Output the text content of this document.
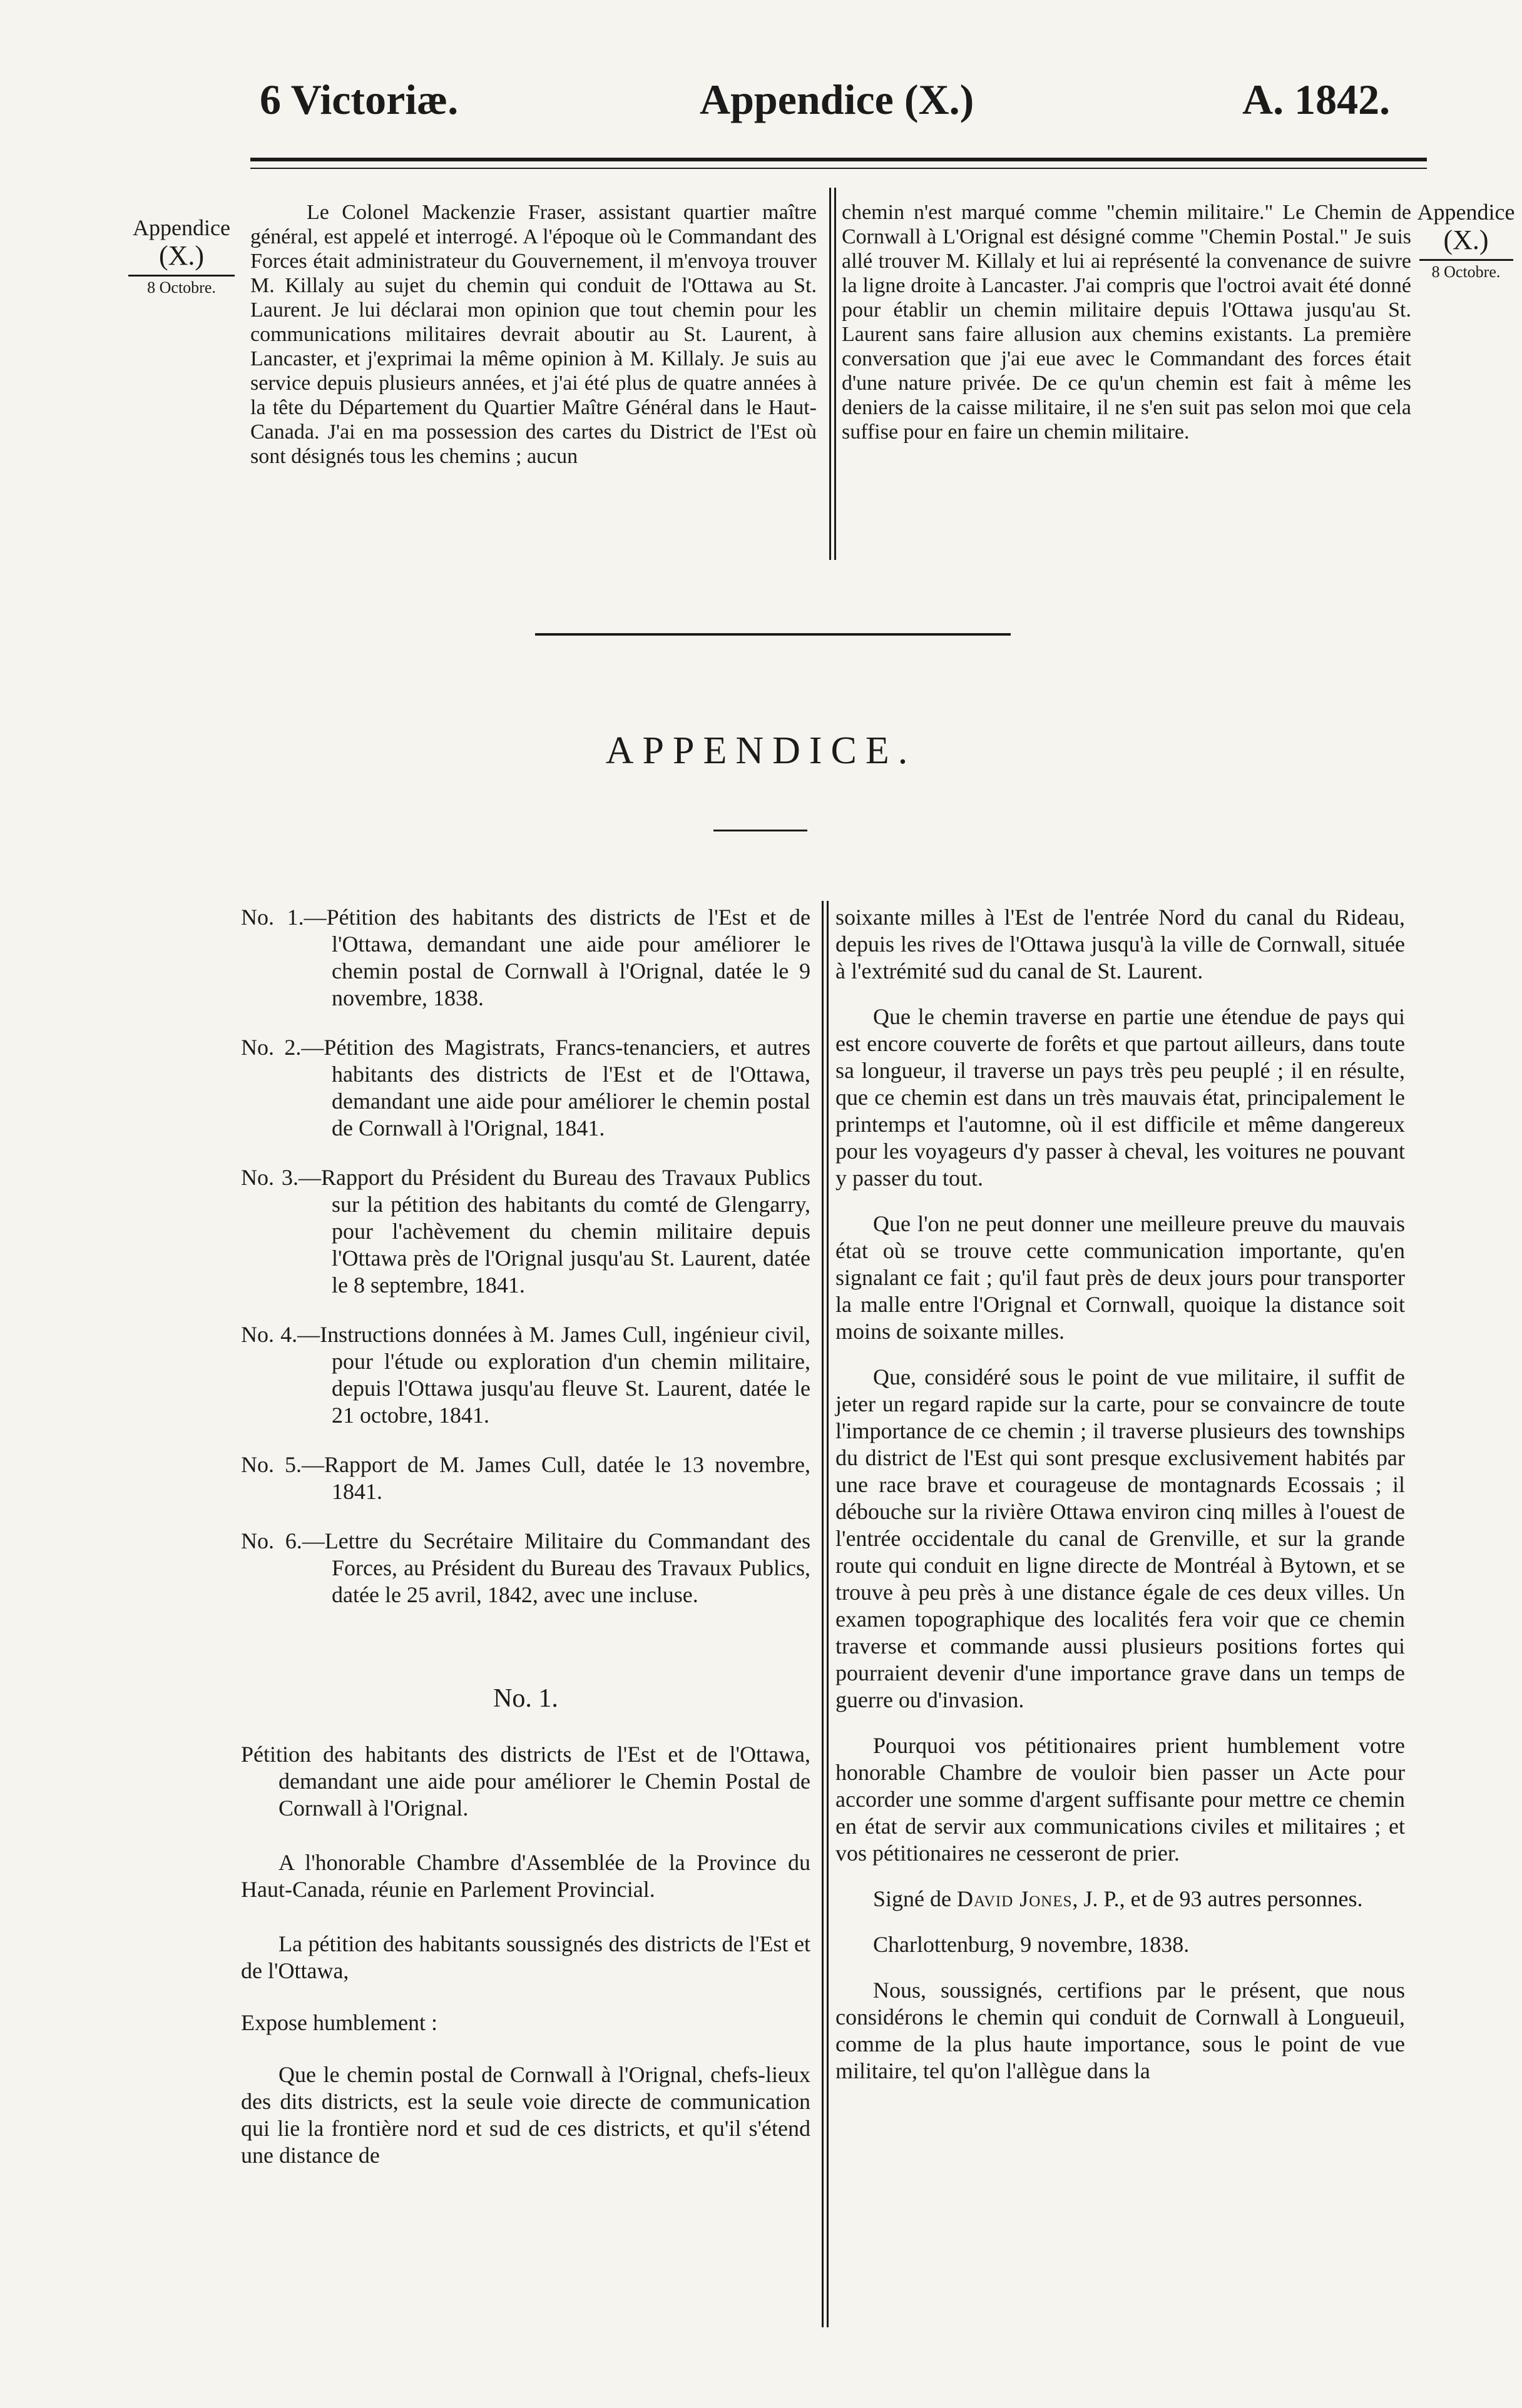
6 Victoriæ.	Appendice (X.)	A. 1842.
Appendice
(X.)
8 Octobre.
Appendice
(X.)
8 Octobre.

Le Colonel Mackenzie Fraser, assistant quartier maître général, est appelé et interrogé. A l'époque où le Commandant des Forces était administrateur du Gouvernement, il m'envoya trouver M. Killaly au sujet du chemin qui conduit de l'Ottawa au St. Laurent. Je lui déclarai mon opinion que tout chemin pour les communications militaires devrait aboutir au St. Laurent, à Lancaster, et j'exprimai la même opinion à M. Killaly. Je suis au service depuis plusieurs années, et j'ai été plus de quatre années à la tête du Département du Quartier Maître Général dans le Haut-Canada. J'ai en ma possession des cartes du District de l'Est où sont désignés tous les chemins ; aucun

chemin n'est marqué comme "chemin militaire." Le Chemin de Cornwall à L'Orignal est désigné comme "Chemin Postal." Je suis allé trouver M. Killaly et lui ai représenté la convenance de suivre la ligne droite à Lancaster. J'ai compris que l'octroi avait été donné pour établir un chemin militaire depuis l'Ottawa jusqu'au St. Laurent sans faire allusion aux chemins existants. La première conversation que j'ai eue avec le Commandant des forces était d'une nature privée. De ce qu'un chemin est fait à même les deniers de la caisse militaire, il ne s'en suit pas selon moi que cela suffise pour en faire un chemin militaire.

APPENDICE.

No. 1.—Pétition des habitants des districts de l'Est et de l'Ottawa, demandant une aide pour améliorer le chemin postal de Cornwall à l'Orignal, datée le 9 novembre, 1838.

No. 2.—Pétition des Magistrats, Francs-tenanciers, et autres habitants des districts de l'Est et de l'Ottawa, demandant une aide pour améliorer le chemin postal de Cornwall à l'Orignal, 1841.

No. 3.—Rapport du Président du Bureau des Travaux Publics sur la pétition des habitants du comté de Glengarry, pour l'achèvement du chemin militaire depuis l'Ottawa près de l'Orignal jusqu'au St. Laurent, datée le 8 septembre, 1841.

No. 4.—Instructions données à M. James Cull, ingénieur civil, pour l'étude ou exploration d'un chemin militaire, depuis l'Ottawa jusqu'au fleuve St. Laurent, datée le 21 octobre, 1841.

No. 5.—Rapport de M. James Cull, datée le 13 novembre, 1841.

No. 6.—Lettre du Secrétaire Militaire du Commandant des Forces, au Président du Bureau des Travaux Publics, datée le 25 avril, 1842, avec une incluse.

No. 1.

Pétition des habitants des districts de l'Est et de l'Ottawa, demandant une aide pour améliorer le Chemin Postal de Cornwall à l'Orignal.

A l'honorable Chambre d'Assemblée de la Province du Haut-Canada, réunie en Parlement Provincial.

La pétition des habitants soussignés des districts de l'Est et de l'Ottawa,

Expose humblement :

Que le chemin postal de Cornwall à l'Orignal, chefs-lieux des dits districts, est la seule voie directe de communication qui lie la frontière nord et sud de ces districts, et qu'il s'étend une distance de

soixante milles à l'Est de l'entrée Nord du canal du Rideau, depuis les rives de l'Ottawa jusqu'à la ville de Cornwall, située à l'extrémité sud du canal de St. Laurent.

Que le chemin traverse en partie une étendue de pays qui est encore couverte de forêts et que partout ailleurs, dans toute sa longueur, il traverse un pays très peu peuplé ; il en résulte, que ce chemin est dans un très mauvais état, principalement le printemps et l'automne, où il est difficile et même dangereux pour les voyageurs d'y passer à cheval, les voitures ne pouvant y passer du tout.

Que l'on ne peut donner une meilleure preuve du mauvais état où se trouve cette communication importante, qu'en signalant ce fait ; qu'il faut près de deux jours pour transporter la malle entre l'Orignal et Cornwall, quoique la distance soit moins de soixante milles.

Que, considéré sous le point de vue militaire, il suffit de jeter un regard rapide sur la carte, pour se convaincre de toute l'importance de ce chemin ; il traverse plusieurs des townships du district de l'Est qui sont presque exclusivement habités par une race brave et courageuse de montagnards Ecossais ; il débouche sur la rivière Ottawa environ cinq milles à l'ouest de l'entrée occidentale du canal de Grenville, et sur la grande route qui conduit en ligne directe de Montréal à Bytown, et se trouve à peu près à une distance égale de ces deux villes. Un examen topographique des localités fera voir que ce chemin traverse et commande aussi plusieurs positions fortes qui pourraient devenir d'une importance grave dans un temps de guerre ou d'invasion.

Pourquoi vos pétitionaires prient humblement votre honorable Chambre de vouloir bien passer un Acte pour accorder une somme d'argent suffisante pour mettre ce chemin en état de servir aux communications civiles et militaires ; et vos pétitionaires ne cesseront de prier.

Signé de David Jones, J. P., et de 93 autres personnes.

Charlottenburg, 9 novembre, 1838.

Nous, soussignés, certifions par le présent, que nous considérons le chemin qui conduit de Cornwall à Longueuil, comme de la plus haute importance, sous le point de vue militaire, tel qu'on l'allègue dans la
